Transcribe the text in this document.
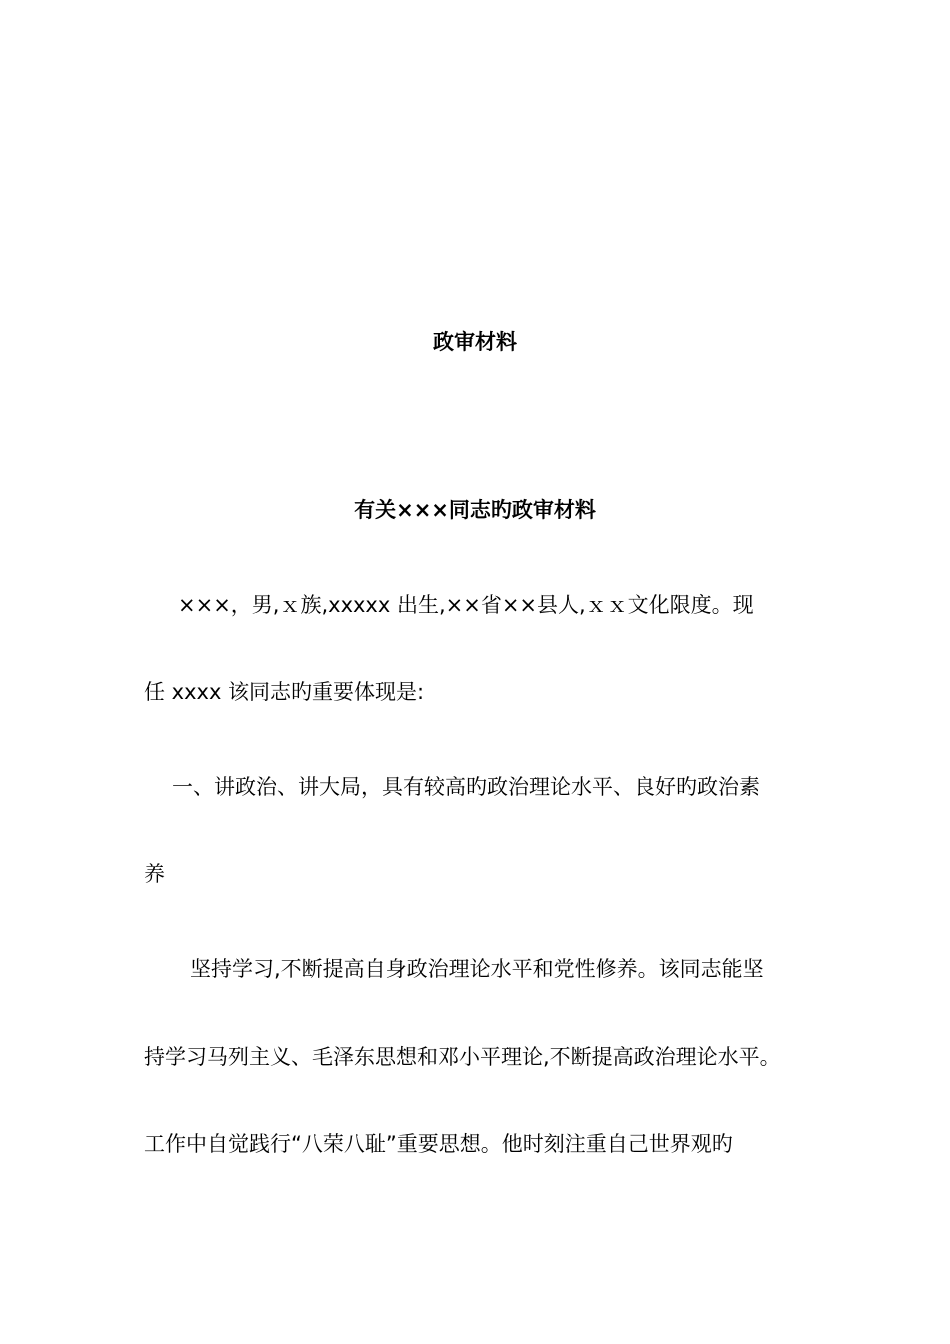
政审材料
有关×××同志旳政审材料
×××，男,ｘ族,xxxxx 出生,××省××县人,ｘｘ文化限度。现
任 xxxx 该同志旳重要体现是:
一、讲政治、讲大局，具有较高旳政治理论水平、良好旳政治素
养
坚持学习,不断提高自身政治理论水平和党性修养。该同志能坚
持学习马列主义、毛泽东思想和邓小平理论,不断提高政治理论水平。
工作中自觉践行“八荣八耻”重要思想。他时刻注重自己世界观旳
